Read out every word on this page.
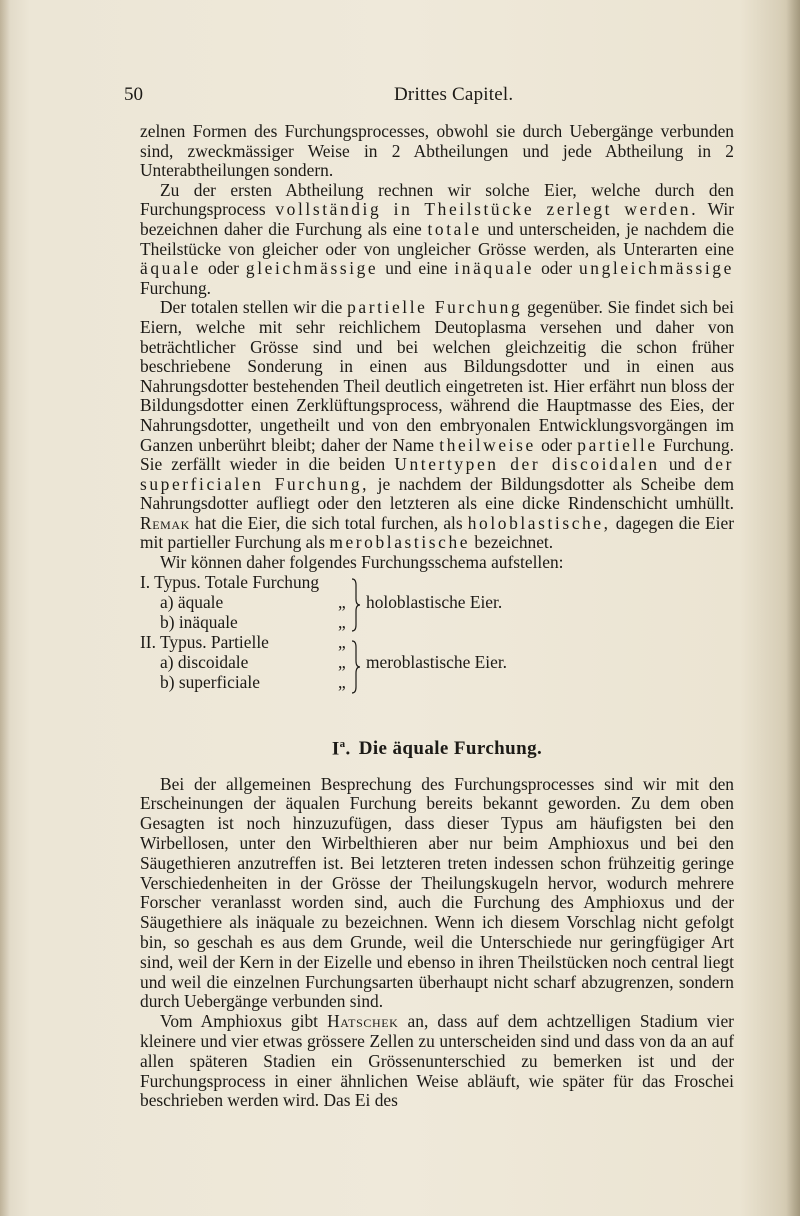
50	Drittes Capitel.

zelnen Formen des Furchungsprocesses, obwohl sie durch Uebergänge verbunden sind, zweckmässiger Weise in 2 Abtheilungen und jede Abtheilung in 2 Unterabtheilungen sondern.

Zu der ersten Abtheilung rechnen wir solche Eier, welche durch den Furchungsprocess vollständig in Theilstücke zerlegt werden. Wir bezeichnen daher die Furchung als eine totale und unterscheiden, je nachdem die Theilstücke von gleicher oder von ungleicher Grösse werden, als Unterarten eine äquale oder gleichmässige und eine inäquale oder ungleichmässige Furchung.

Der totalen stellen wir die partielle Furchung gegenüber. Sie findet sich bei Eiern, welche mit sehr reichlichem Deutoplasma versehen und daher von beträchtlicher Grösse sind und bei welchen gleichzeitig die schon früher beschriebene Sonderung in einen aus Bildungsdotter und in einen aus Nahrungsdotter bestehenden Theil deutlich eingetreten ist. Hier erfährt nun bloss der Bildungsdotter einen Zerklüftungsprocess, während die Hauptmasse des Eies, der Nahrungsdotter, ungetheilt und von den embryonalen Entwicklungsvorgängen im Ganzen unberührt bleibt; daher der Name theilweise oder partielle Furchung. Sie zerfällt wieder in die beiden Untertypen der discoidalen und der superficialen Furchung, je nachdem der Bildungsdotter als Scheibe dem Nahrungsdotter aufliegt oder den letzteren als eine dicke Rindenschicht umhüllt. Remak hat die Eier, die sich total furchen, als holoblastische, dagegen die Eier mit partieller Furchung als meroblastische bezeichnet.

Wir können daher folgendes Furchungsschema aufstellen:

I. Typus. Totale Furchung
a) äquale	„
b) inäquale	„
II. Typus. Partielle	„
a) discoidale	„
b) superficiale	„
holoblastische Eier.
meroblastische Eier.
$I^a$. Die äquale Furchung.

Bei der allgemeinen Besprechung des Furchungsprocesses sind wir mit den Erscheinungen der äqualen Furchung bereits bekannt geworden. Zu dem oben Gesagten ist noch hinzuzufügen, dass dieser Typus am häufigsten bei den Wirbellosen, unter den Wirbelthieren aber nur beim Amphioxus und bei den Säugethieren anzutreffen ist. Bei letzteren treten indessen schon frühzeitig geringe Verschiedenheiten in der Grösse der Theilungskugeln hervor, wodurch mehrere Forscher veranlasst worden sind, auch die Furchung des Amphioxus und der Säugethiere als inäquale zu bezeichnen. Wenn ich diesem Vorschlag nicht gefolgt bin, so geschah es aus dem Grunde, weil die Unterschiede nur geringfügiger Art sind, weil der Kern in der Eizelle und ebenso in ihren Theilstücken noch central liegt und weil die einzelnen Furchungsarten überhaupt nicht scharf abzugrenzen, sondern durch Uebergänge verbunden sind.

Vom Amphioxus gibt Hatschek an, dass auf dem achtzelligen Stadium vier kleinere und vier etwas grössere Zellen zu unterscheiden sind und dass von da an auf allen späteren Stadien ein Grössenunterschied zu bemerken ist und der Furchungsprocess in einer ähnlichen Weise abläuft, wie später für das Froschei beschrieben werden wird. Das Ei des
